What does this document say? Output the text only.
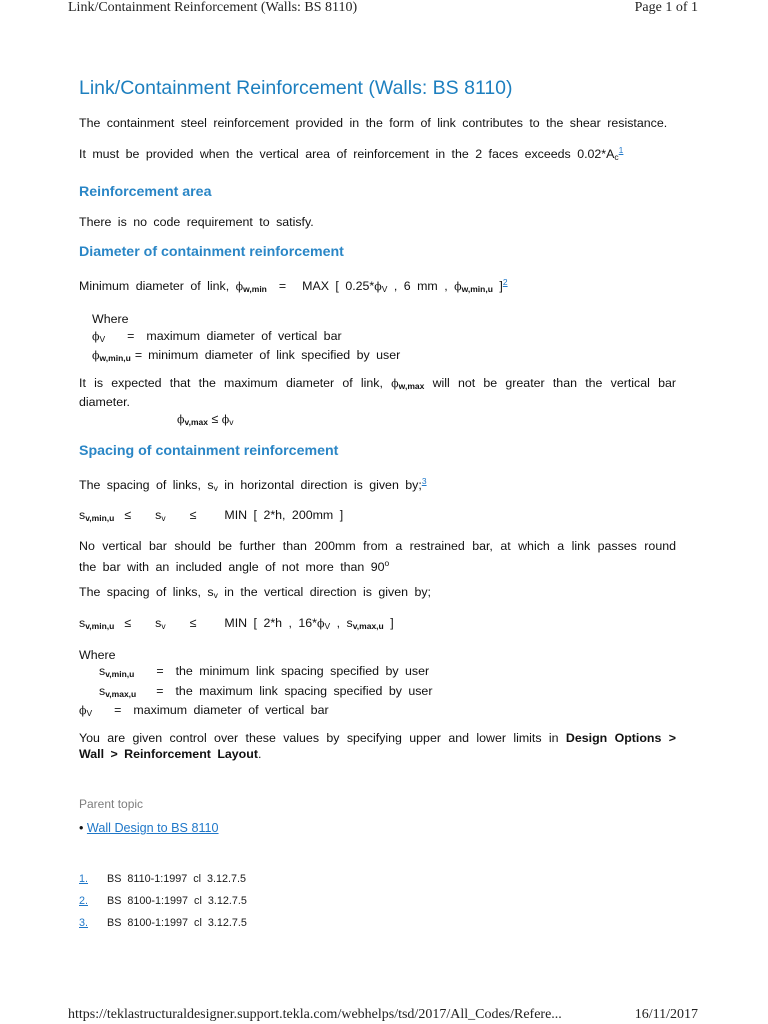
Link/Containment Reinforcement (Walls: BS 8110)	Page 1 of 1
Link/Containment Reinforcement (Walls: BS 8110)

The containment steel reinforcement provided in the form of link contributes to the shear resistance.

It must be provided when the vertical area of reinforcement in the 2 faces exceeds $0.02*A_c^1$

Reinforcement area

There is no code requirement to satisfy.

Diameter of containment reinforcement

Minimum diameter of link, $\phi_{w,min}$ = MAX [ $0.25*\phi_V$ , 6 mm , $\phi_{w,min,u}$ ]$^2$

Where

$\phi_V$ = maximum diameter of vertical bar

$\phi_{w,min,u}$ = minimum diameter of link specified by user

It is expected that the maximum diameter of link, $\phi_{w,max}$ will not be greater than the vertical bar diameter.

$\phi_{v,max} \le \phi_v$

Spacing of containment reinforcement

The spacing of links, $s_v$ in horizontal direction is given by;$^3$

$s_{v,min,u} \le s_v$ ≤ MIN [ 2*h, 200mm ]

No vertical bar should be further than 200mm from a restrained bar, at which a link passes round the bar with an included angle of not more than 90$^o$

The spacing of links, $s_v$ in the vertical direction is given by;

$s_{v,min,u} \le s_v$ ≤ MIN [ 2*h , $16*\phi_V$ , $s_{v,max,u}$ ]

Where

$s_{v,min,u}$ = the minimum link spacing specified by user

$s_{v,max,u}$ = the maximum link spacing specified by user

$\phi_V$ = maximum diameter of vertical bar

You are given control over these values by specifying upper and lower limits in Design Options > Wall > Reinforcement Layout.

Parent topic

• Wall Design to BS 8110

1.	BS 8110-1:1997 cl 3.12.7.5
2.	BS 8100-1:1997 cl 3.12.7.5
3.	BS 8100-1:1997 cl 3.12.7.5
https://teklastructuraldesigner.support.tekla.com/webhelps/tsd/2017/All_Codes/Refere...	16/11/2017
